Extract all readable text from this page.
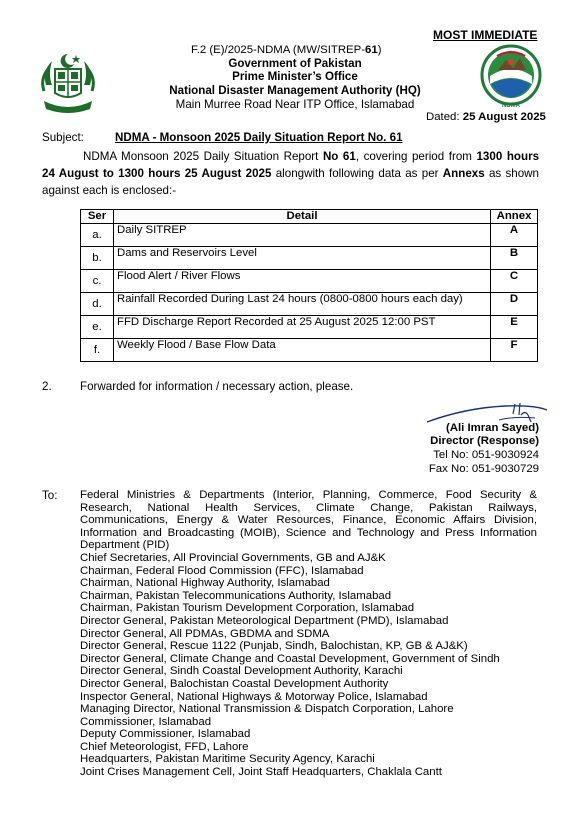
MOST IMMEDIATE
F.2 (E)/2025-NDMA (MW/SITREP-61)
Government of Pakistan
Prime Minister’s Office
National Disaster Management Authority (HQ)
Main Murree Road Near ITP Office, Islamabad	NDMA
Dated: 25 August 2025
Subject:	NDMA - Monsoon 2025 Daily Situation Report No. 61
NDMA Monsoon 2025 Daily Situation Report No 61, covering period from 1300 hours 24 August to 1300 hours 25 August 2025 alongwith following data as per Annexs as shown against each is enclosed:-
Ser	Detail	Annex
a.	Daily SITREP	A
b.	Dams and Reservoirs Level	B
c.	Flood Alert / River Flows	C
d.	Rainfall Recorded During Last 24 hours (0800-0800 hours each day)	D
e.	FFD Discharge Report Recorded at 25 August 2025 12:00 PST	E
f.	Weekly Flood / Base Flow Data	F
2. Forwarded for information / necessary action, please.
(Ali Imran Sayed)
Director (Response)
Tel No: 051-9030924
Fax No: 051-9030729
To: Federal Ministries & Departments (Interior, Planning, Commerce, Food Security & Research, National Health Services, Climate Change, Pakistan Railways, Communications, Energy & Water Resources, Finance, Economic Affairs Division, Information and Broadcasting (MOIB), Science and Technology and Press Information Department (PID)
Chief Secretaries, All Provincial Governments, GB and AJ&K
Chairman, Federal Flood Commission (FFC), Islamabad
Chairman, National Highway Authority, Islamabad
Chairman, Pakistan Telecommunications Authority, Islamabad
Chairman, Pakistan Tourism Development Corporation, Islamabad
Director General, Pakistan Meteorological Department (PMD), Islamabad
Director General, All PDMAs, GBDMA and SDMA
Director General, Rescue 1122 (Punjab, Sindh, Balochistan, KP, GB & AJ&K)
Director General, Climate Change and Coastal Development, Government of Sindh
Director General, Sindh Coastal Development Authority, Karachi
Director General, Balochistan Coastal Development Authority
Inspector General, National Highways & Motorway Police, Islamabad
Managing Director, National Transmission & Dispatch Corporation, Lahore
Commissioner, Islamabad
Deputy Commissioner, Islamabad
Chief Meteorologist, FFD, Lahore
Headquarters, Pakistan Maritime Security Agency, Karachi
Joint Crises Management Cell, Joint Staff Headquarters, Chaklala Cantt
